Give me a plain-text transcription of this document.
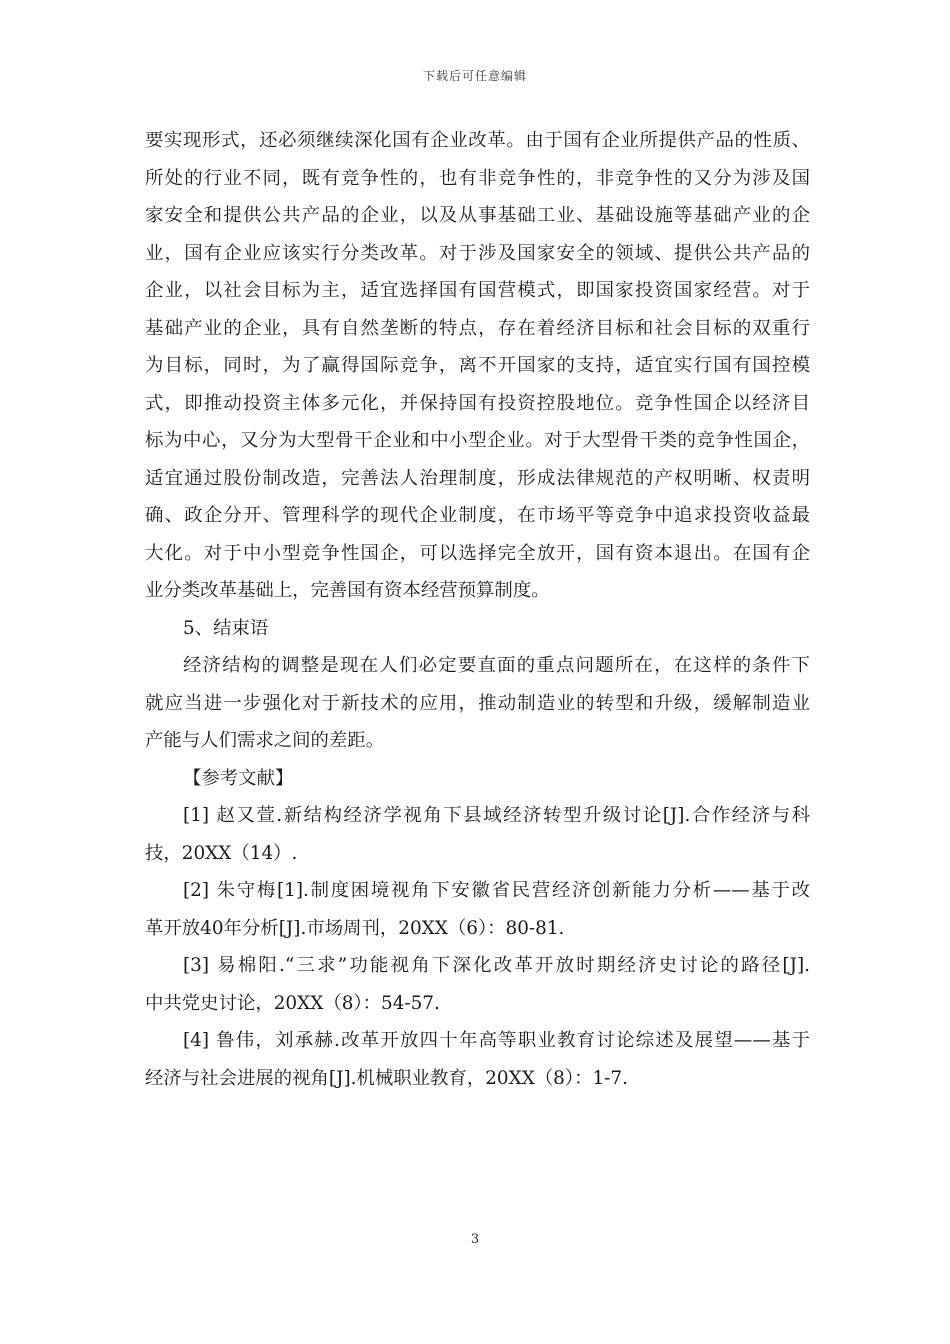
下载后可任意编辑
要实现形式，还必须继续深化国有企业改革。由于国有企业所提供产品的性质、
所处的行业不同，既有竞争性的，也有非竞争性的，非竞争性的又分为涉及国
家安全和提供公共产品的企业，以及从事基础工业、基础设施等基础产业的企
业，国有企业应该实行分类改革。对于涉及国家安全的领域、提供公共产品的
企业，以社会目标为主，适宜选择国有国营模式，即国家投资国家经营。对于
基础产业的企业，具有自然垄断的特点，存在着经济目标和社会目标的双重行
为目标，同时，为了赢得国际竞争，离不开国家的支持，适宜实行国有国控模
式，即推动投资主体多元化，并保持国有投资控股地位。竞争性国企以经济目
标为中心，又分为大型骨干企业和中小型企业。对于大型骨干类的竞争性国企，
适宜通过股份制改造，完善法人治理制度，形成法律规范的产权明晰、权责明
确、政企分开、管理科学的现代企业制度，在市场平等竞争中追求投资收益最
大化。对于中小型竞争性国企，可以选择完全放开，国有资本退出。在国有企
业分类改革基础上，完善国有资本经营预算制度。
5、结束语
经济结构的调整是现在人们必定要直面的重点问题所在，在这样的条件下
就应当进一步强化对于新技术的应用，推动制造业的转型和升级，缓解制造业
产能与人们需求之间的差距。
【参考文献】
[1] 赵又萱.新结构经济学视角下县域经济转型升级讨论[J].合作经济与科
技，20XX（14）.
[2] 朱守梅[1].制度困境视角下安徽省民营经济创新能力分析——基于改
革开放40年分析[J].市场周刊，20XX（6）：80-81.
[3] 易棉阳.“三求”功能视角下深化改革开放时期经济史讨论的路径[J].
中共党史讨论，20XX（8）：54-57.
[4] 鲁伟，刘承赫.改革开放四十年高等职业教育讨论综述及展望——基于
经济与社会进展的视角[J].机械职业教育，20XX（8）：1-7.
3
